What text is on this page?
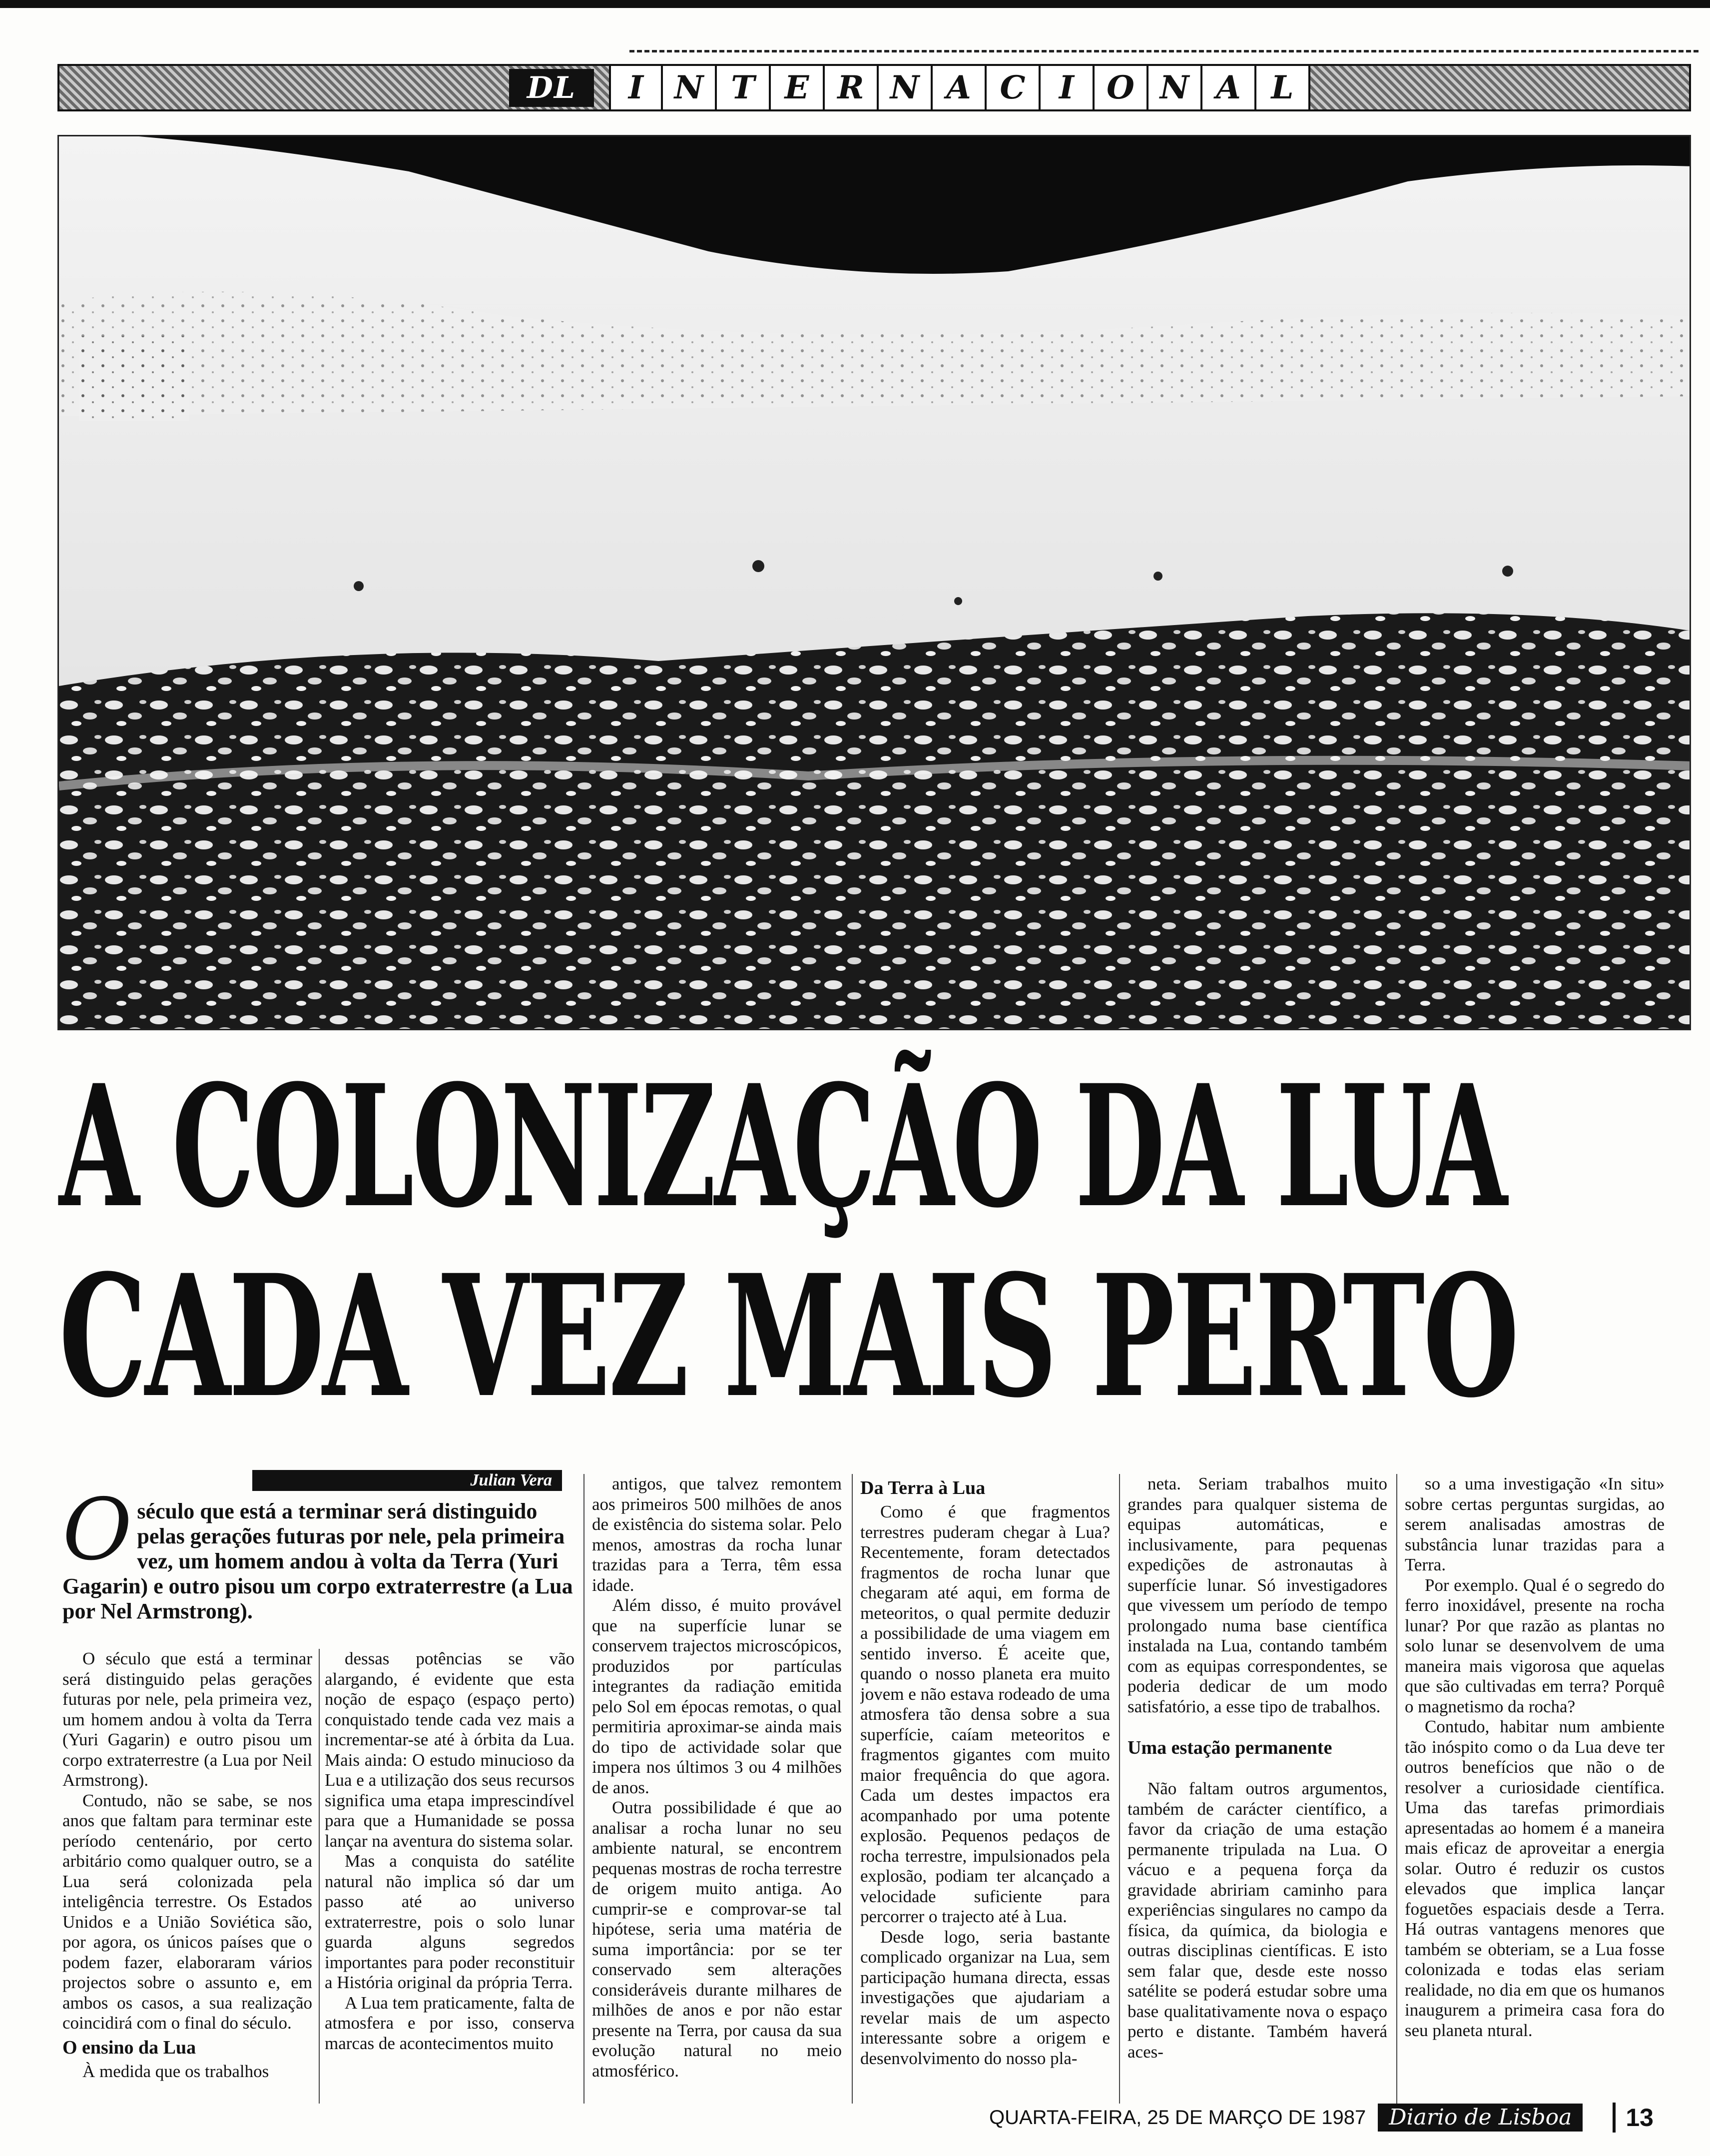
DL	I N T E R N A C	I	O N A L
A COLONIZAÇÃO DA LUA
CADA VEZ MAIS PERTO
Julian Vera
O século que está a terminar será distinguido pelas gerações futuras por nele, pela primeira vez, um homem andou à volta da Terra (Yuri Gagarin) e outro pisou um corpo extraterrestre (a Lua por Nel Armstrong).

O século que está a terminar será distinguido pelas gerações futuras por nele, pela primeira vez, um homem andou à volta da Terra (Yuri Gagarin) e outro pisou um corpo extraterrestre (a Lua por Neil Armstrong).

Contudo, não se sabe, se nos anos que faltam para terminar este período centenário, por certo arbitário como qualquer outro, se a Lua será colonizada pela inteligência terrestre. Os Estados Unidos e a União Soviética são, por agora, os únicos países que o podem fazer, elaboraram vários projectos sobre o assunto e, em ambos os casos, a sua realização coincidirá com o final do século.

O ensino da Lua

À medida que os trabalhos

dessas potências se vão alargando, é evidente que esta noção de espaço (espaço perto) conquistado tende cada vez mais a incrementar-se até à órbita da Lua. Mais ainda: O estudo minucioso da Lua e a utilização dos seus recursos significa uma etapa imprescindível para que a Humanidade se possa lançar na aventura do sistema solar.

Mas a conquista do satélite natural não implica só dar um passo até ao universo extraterrestre, pois o solo lunar guarda alguns segredos importantes para poder reconstituir a História original da própria Terra.

A Lua tem praticamente, falta de atmosfera e por isso, conserva marcas de acontecimentos muito

antigos, que talvez remontem aos primeiros 500 milhões de anos de existência do sistema solar. Pelo menos, amostras da rocha lunar trazidas para a Terra, têm essa idade.

Além disso, é muito provável que na superfície lunar se conservem trajectos microscópicos, produzidos por partículas integrantes da radiação emitida pelo Sol em épocas remotas, o qual permitiria aproximar-se ainda mais do tipo de actividade solar que impera nos últimos 3 ou 4 milhões de anos.

Outra possibilidade é que ao analisar a rocha lunar no seu ambiente natural, se encontrem pequenas mostras de rocha terrestre de origem muito antiga. Ao cumprir-se e comprovar-se tal hipótese, seria uma matéria de suma importância: por se ter conservado sem alterações consideráveis durante milhares de milhões de anos e por não estar presente na Terra, por causa da sua evolução natural no meio atmosférico.

Da Terra à Lua

Como é que fragmentos terrestres puderam chegar à Lua? Recentemente, foram detectados fragmentos de rocha lunar que chegaram até aqui, em forma de meteoritos, o qual permite deduzir a possibilidade de uma viagem em sentido inverso. É aceite que, quando o nosso planeta era muito jovem e não estava rodeado de uma atmosfera tão densa sobre a sua superfície, caíam meteoritos e fragmentos gigantes com muito maior frequência do que agora. Cada um destes impactos era acompanhado por uma potente explosão. Pequenos pedaços de rocha terrestre, impulsionados pela explosão, podiam ter alcançado a velocidade suficiente para percorrer o trajecto até à Lua.

Desde logo, seria bastante complicado organizar na Lua, sem participação humana directa, essas investigações que ajudariam a revelar mais de um aspecto interessante sobre a origem e desenvolvimento do nosso pla-

neta. Seriam trabalhos muito grandes para qualquer sistema de equipas automáticas, e inclusivamente, para pequenas expedições de astronautas à superfície lunar. Só investigadores que vivessem um período de tempo prolongado numa base científica instalada na Lua, contando também com as equipas correspondentes, se poderia dedicar de um modo satisfatório, a esse tipo de trabalhos.

Uma estação permanente

Não faltam outros argumentos, também de carácter científico, a favor da criação de uma estação permanente tripulada na Lua. O vácuo e a pequena força da gravidade abririam caminho para experiências singulares no campo da física, da química, da biologia e outras disciplinas científicas. E isto sem falar que, desde este nosso satélite se poderá estudar sobre uma base qualitativamente nova o espaço perto e distante. Também haverá aces-

so a uma investigação «In situ» sobre certas perguntas surgidas, ao serem analisadas amostras de substância lunar trazidas para a Terra.

Por exemplo. Qual é o segredo do ferro inoxidável, presente na rocha lunar? Por que razão as plantas no solo lunar se desenvolvem de uma maneira mais vigorosa que aquelas que são cultivadas em terra? Porquê o magnetismo da rocha?

Contudo, habitar num ambiente tão inóspito como o da Lua deve ter outros benefícios que não o de resolver a curiosidade científica. Uma das tarefas primordiais apresentadas ao homem é a maneira mais eficaz de aproveitar a energia solar. Outro é reduzir os custos elevados que implica lançar foguetões espaciais desde a Terra. Há outras vantagens menores que também se obteriam, se a Lua fosse colonizada e todas elas seriam realidade, no dia em que os humanos inaugurem a primeira casa fora do seu planeta ntural.

QUARTA-FEIRA, 25 DE MARÇO DE 1987	Diario de Lisboa	13
